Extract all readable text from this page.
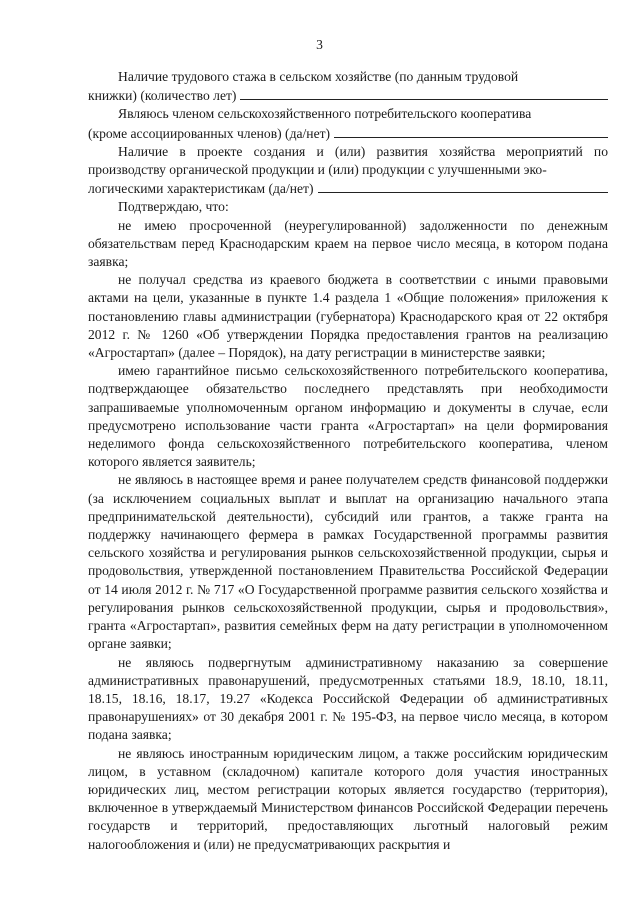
3

Наличие трудового стажа в сельском хозяйстве (по данным трудовой

книжки) (количество лет)

Являюсь членом сельскохозяйственного потребительского кооператива

(кроме ассоциированных членов) (да/нет)

Наличие в проекте создания и (или) развития хозяйства мероприятий по производству органической продукции и (или) продукции с улучшенными эко-

логическими характеристикам (да/нет)

Подтверждаю, что:

не имею просроченной (неурегулированной) задолженности по денежным обязательствам перед Краснодарским краем на первое число месяца, в котором подана заявка;

не получал средства из краевого бюджета в соответствии с иными правовыми актами на цели, указанные в пункте 1.4 раздела 1 «Общие положения» приложения к постановлению главы администрации (губернатора) Краснодарского края от 22 октября 2012 г. № 1260 «Об утверждении Порядка предоставления грантов на реализацию «Агростартап» (далее – Порядок), на дату регистрации в министерстве заявки;

имею гарантийное письмо сельскохозяйственного потребительского кооператива, подтверждающее обязательство последнего представлять при необходимости запрашиваемые уполномоченным органом информацию и документы в случае, если предусмотрено использование части гранта «Агростартап» на цели формирования неделимого фонда сельскохозяйственного потребительского кооператива, членом которого является заявитель;

не являюсь в настоящее время и ранее получателем средств финансовой поддержки (за исключением социальных выплат и выплат на организацию начального этапа предпринимательской деятельности), субсидий или грантов, а также гранта на поддержку начинающего фермера в рамках Государственной программы развития сельского хозяйства и регулирования рынков сельскохозяйственной продукции, сырья и продовольствия, утвержденной постановлением Правительства Российской Федерации от 14 июля 2012 г. № 717 «О Государственной программе развития сельского хозяйства и регулирования рынков сельскохозяйственной продукции, сырья и продовольствия», гранта «Агростартап», развития семейных ферм на дату регистрации в уполномоченном органе заявки;

не являюсь подвергнутым административному наказанию за совершение административных правонарушений, предусмотренных статьями 18.9, 18.10, 18.11, 18.15, 18.16, 18.17, 19.27 «Кодекса Российской Федерации об административных правонарушениях» от 30 декабря 2001 г. № 195-ФЗ, на первое число месяца, в котором подана заявка;

не являюсь иностранным юридическим лицом, а также российским юридическим лицом, в уставном (складочном) капитале которого доля участия иностранных юридических лиц, местом регистрации которых является государство (территория), включенное в утверждаемый Министерством финансов Российской Федерации перечень государств и территорий, предоставляющих льготный налоговый режим налогообложения и (или) не предусматривающих раскрытия и
